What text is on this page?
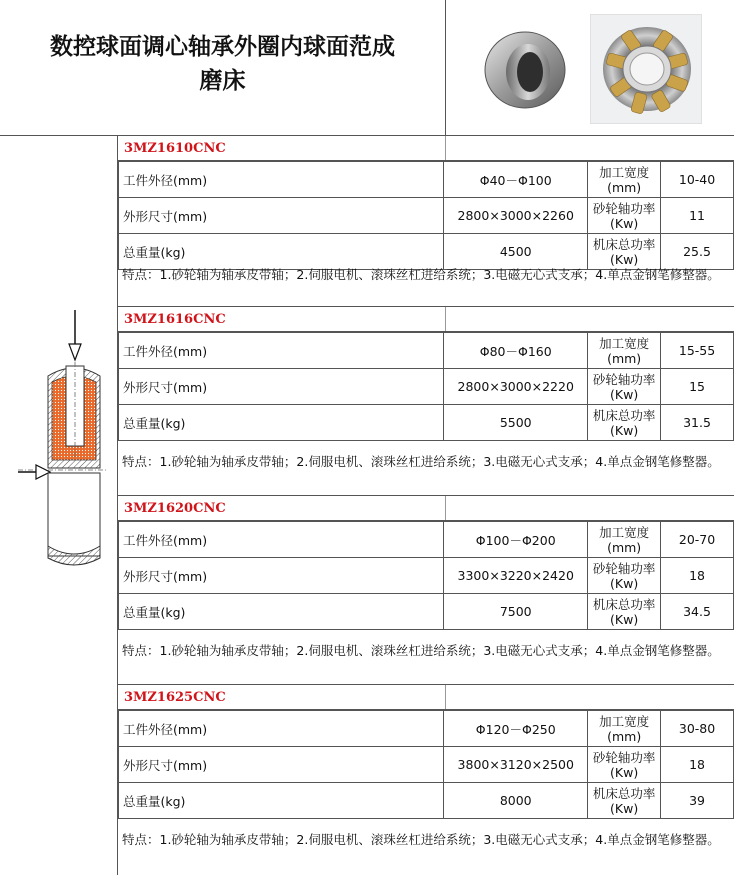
数控球面调心轴承外圈内球面范成
磨床
3MZ1610CNC
工件外径(mm)	Φ40－Φ100	加工宽度(mm)	10-40
外形尺寸(mm)	2800×3000×2260	砂轮轴功率(Kw)	11
总重量(kg)	4500	机床总功率(Kw)	25.5
特点：1.砂轮轴为轴承皮带轴；2.伺服电机、滚珠丝杠进给系统；3.电磁无心式支承；4.单点金钢笔修整器。
3MZ1616CNC
工件外径(mm)	Φ80－Φ160	加工宽度(mm)	15-55
外形尺寸(mm)	2800×3000×2220	砂轮轴功率(Kw)	15
总重量(kg)	5500	机床总功率(Kw)	31.5
特点：1.砂轮轴为轴承皮带轴；2.伺服电机、滚珠丝杠进给系统；3.电磁无心式支承；4.单点金钢笔修整器。
3MZ1620CNC
工件外径(mm)	Φ100－Φ200	加工宽度(mm)	20-70
外形尺寸(mm)	3300×3220×2420	砂轮轴功率(Kw)	18
总重量(kg)	7500	机床总功率(Kw)	34.5
特点：1.砂轮轴为轴承皮带轴；2.伺服电机、滚珠丝杠进给系统；3.电磁无心式支承；4.单点金钢笔修整器。
3MZ1625CNC
工件外径(mm)	Φ120－Φ250	加工宽度(mm)	30-80
外形尺寸(mm)	3800×3120×2500	砂轮轴功率(Kw)	18
总重量(kg)	8000	机床总功率(Kw)	39
特点：1.砂轮轴为轴承皮带轴；2.伺服电机、滚珠丝杠进给系统；3.电磁无心式支承；4.单点金钢笔修整器。
